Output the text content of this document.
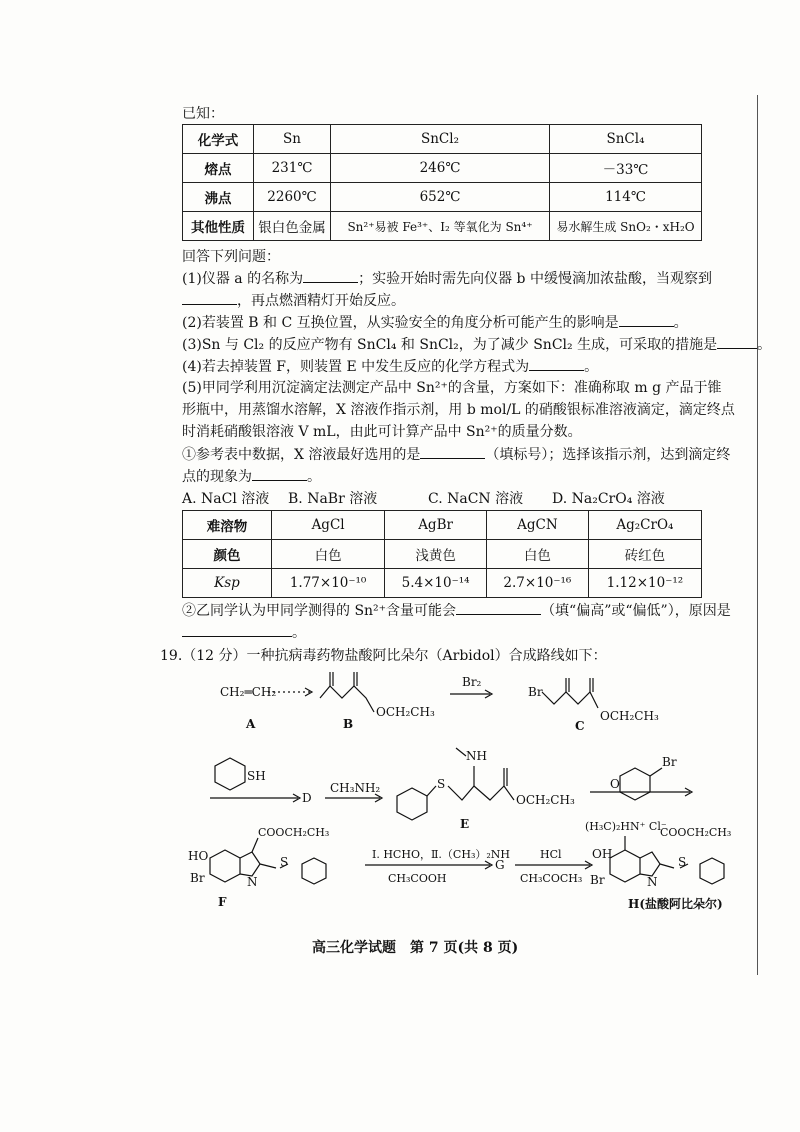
已知：
化学式	Sn	SnCl₂	SnCl₄
熔点	231℃	246℃	－33℃
沸点	2260℃	652℃	114℃
其他性质	银白色金属	Sn²⁺易被 Fe³⁺、I₂ 等氧化为 Sn⁴⁺	易水解生成 SnO₂・xH₂O
回答下列问题：
(1)仪器 a 的名称为	；实验开始时需先向仪器 b 中缓慢滴加浓盐酸，当观察到
，再点燃酒精灯开始反应。
(2)若装置 B 和 C 互换位置，从实验安全的角度分析可能产生的影响是	。
(3)Sn 与 Cl₂ 的反应产物有 SnCl₄ 和 SnCl₂，为了减少 SnCl₂ 生成，可采取的措施是	。
(4)若去掉装置 F，则装置 E 中发生反应的化学方程式为	。
(5)甲同学利用沉淀滴定法测定产品中 Sn²⁺的含量，方案如下：准确称取 m g 产品于锥
形瓶中，用蒸馏水溶解，X 溶液作指示剂，用 b mol/L 的硝酸银标准溶液滴定，滴定终点
时消耗硝酸银溶液 V mL，由此可计算产品中 Sn²⁺的质量分数。
①参考表中数据，X 溶液最好选用的是	（填标号）；选择该指示剂，达到滴定终
点的现象为	。
A. NaCl 溶液 B. NaBr 溶液	C. NaCN 溶液 D. Na₂CrO₄ 溶液
难溶物	AgCl	AgBr	AgCN	Ag₂CrO₄
颜色	白色	浅黄色	白色	砖红色
Ksp	1.77×10⁻¹⁰	5.4×10⁻¹⁴	2.7×10⁻¹⁶	1.12×10⁻¹²
②乙同学认为甲同学测得的 Sn²⁺含量可能会	（填“偏高”或“偏低”），原因是
。
19.（12 分）一种抗病毒药物盐酸阿比朵尔（Arbidol）合成路线如下：
CH₂═CH₂
A	B
OCH₂CH₃
Br₂
Br
OCH₂CH₃
C
SH
D
CH₃NH₂	S
NH
OCH₂CH₃
E
O
Br
COOCH₂CH₃
HO
Br	N
S
F
Ⅰ. HCHO，Ⅱ.（CH₃）₂NH
CH₃COOH
G
HCl
CH₃COCH₃
(H₃C)₂HN⁺ Cl⁻
COOCH₂CH₃
OH
Br	N
S
H(盐酸阿比朵尔)
高三化学试题　第 7 页(共 8 页)
